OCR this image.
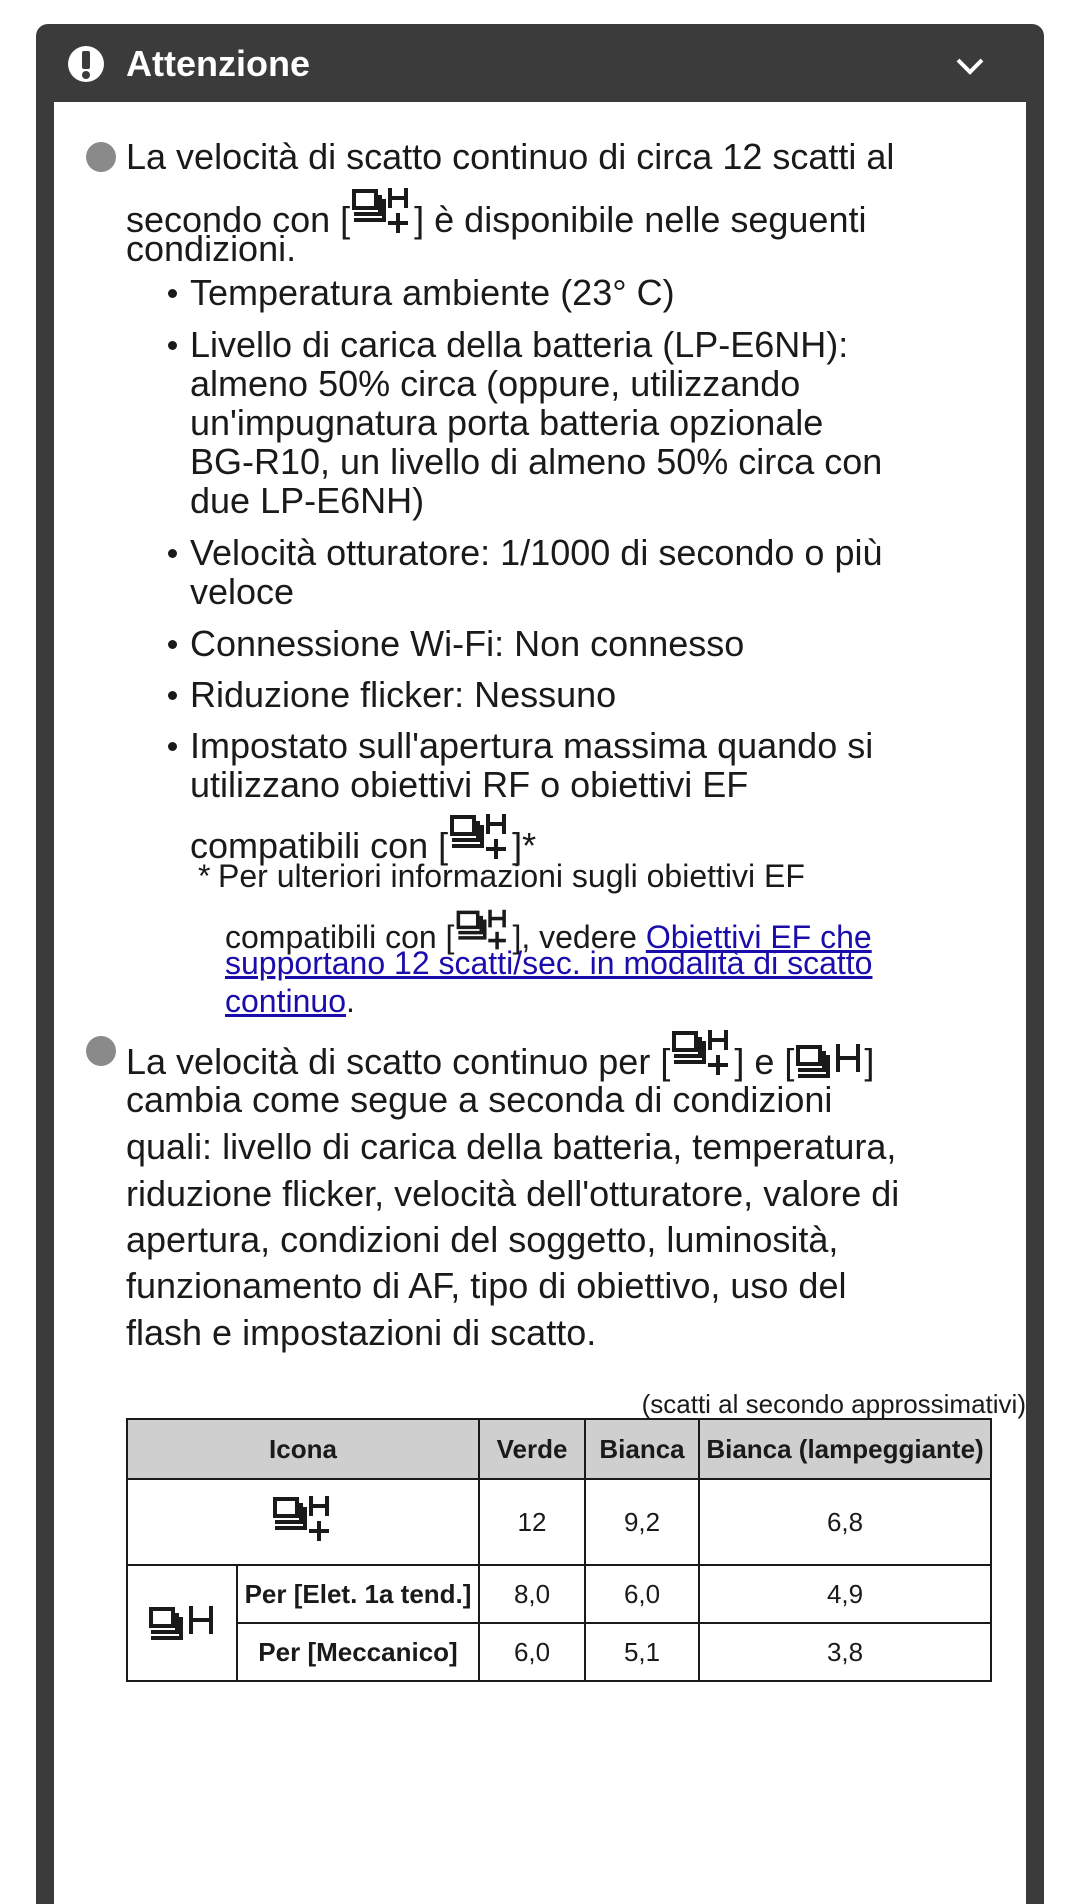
Attenzione
La velocità di scatto continuo di circa 12 scatti al
secondo con [ ] è disponibile nelle seguenti
condizioni.
Temperatura ambiente (23° C)
Livello di carica della batteria (LP-E6NH):
almeno 50% circa (oppure, utilizzando
un'impugnatura porta batteria opzionale
BG-R10, un livello di almeno 50% circa con
due LP-E6NH)
Velocità otturatore: 1/1000 di secondo o più
veloce
Connessione Wi-Fi: Non connesso
Riduzione flicker: Nessuno
Impostato sull'apertura massima quando si
utilizzano obiettivi RF o obiettivi EF
compatibili con [ ]*
* Per ulteriori informazioni sugli obiettivi EF
compatibili con [ ], vedere Obiettivi EF che
supportano 12 scatti/sec. in modalità di scatto
continuo.
La velocità di scatto continuo per [ ] e [ ]
cambia come segue a seconda di condizioni
quali: livello di carica della batteria, temperatura,
riduzione flicker, velocità dell'otturatore, valore di
apertura, condizioni del soggetto, luminosità,
funzionamento di AF, tipo di obiettivo, uso del
flash e impostazioni di scatto.
(scatti al secondo approssimativi)
Icona		Verde	Bianca	Bianca (lampeggiante)
	12	9,2	6,8
	Per [Elet. 1a tend.]	8,0	6,0	4,9
	Per [Meccanico]	6,0	5,1	3,8
